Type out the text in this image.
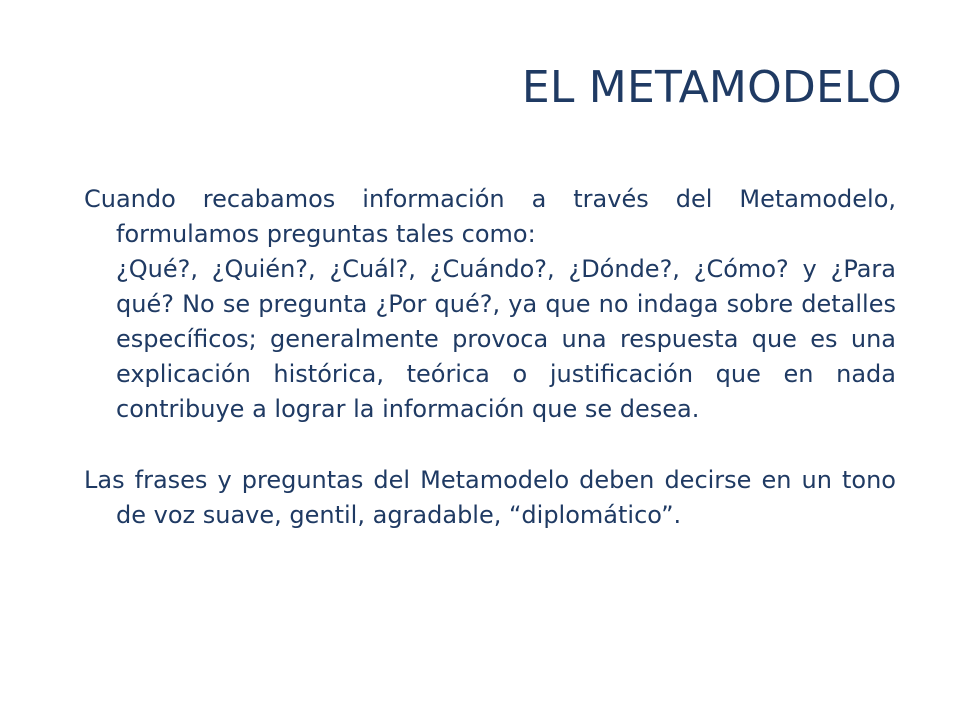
EL METAMODELO

Cuando recabamos información a través del Metamodelo, formulamos preguntas tales como:

¿Qué?, ¿Quién?, ¿Cuál?, ¿Cuándo?, ¿Dónde?, ¿Cómo? y ¿Para qué? No se pregunta ¿Por qué?, ya que no indaga sobre detalles específicos; generalmente provoca una respuesta que es una explicación histórica, teórica o justificación que en nada contribuye a lograr la información que se desea.

Las frases y preguntas del Metamodelo deben decirse en un tono de voz suave, gentil, agradable, “diplomático”.
